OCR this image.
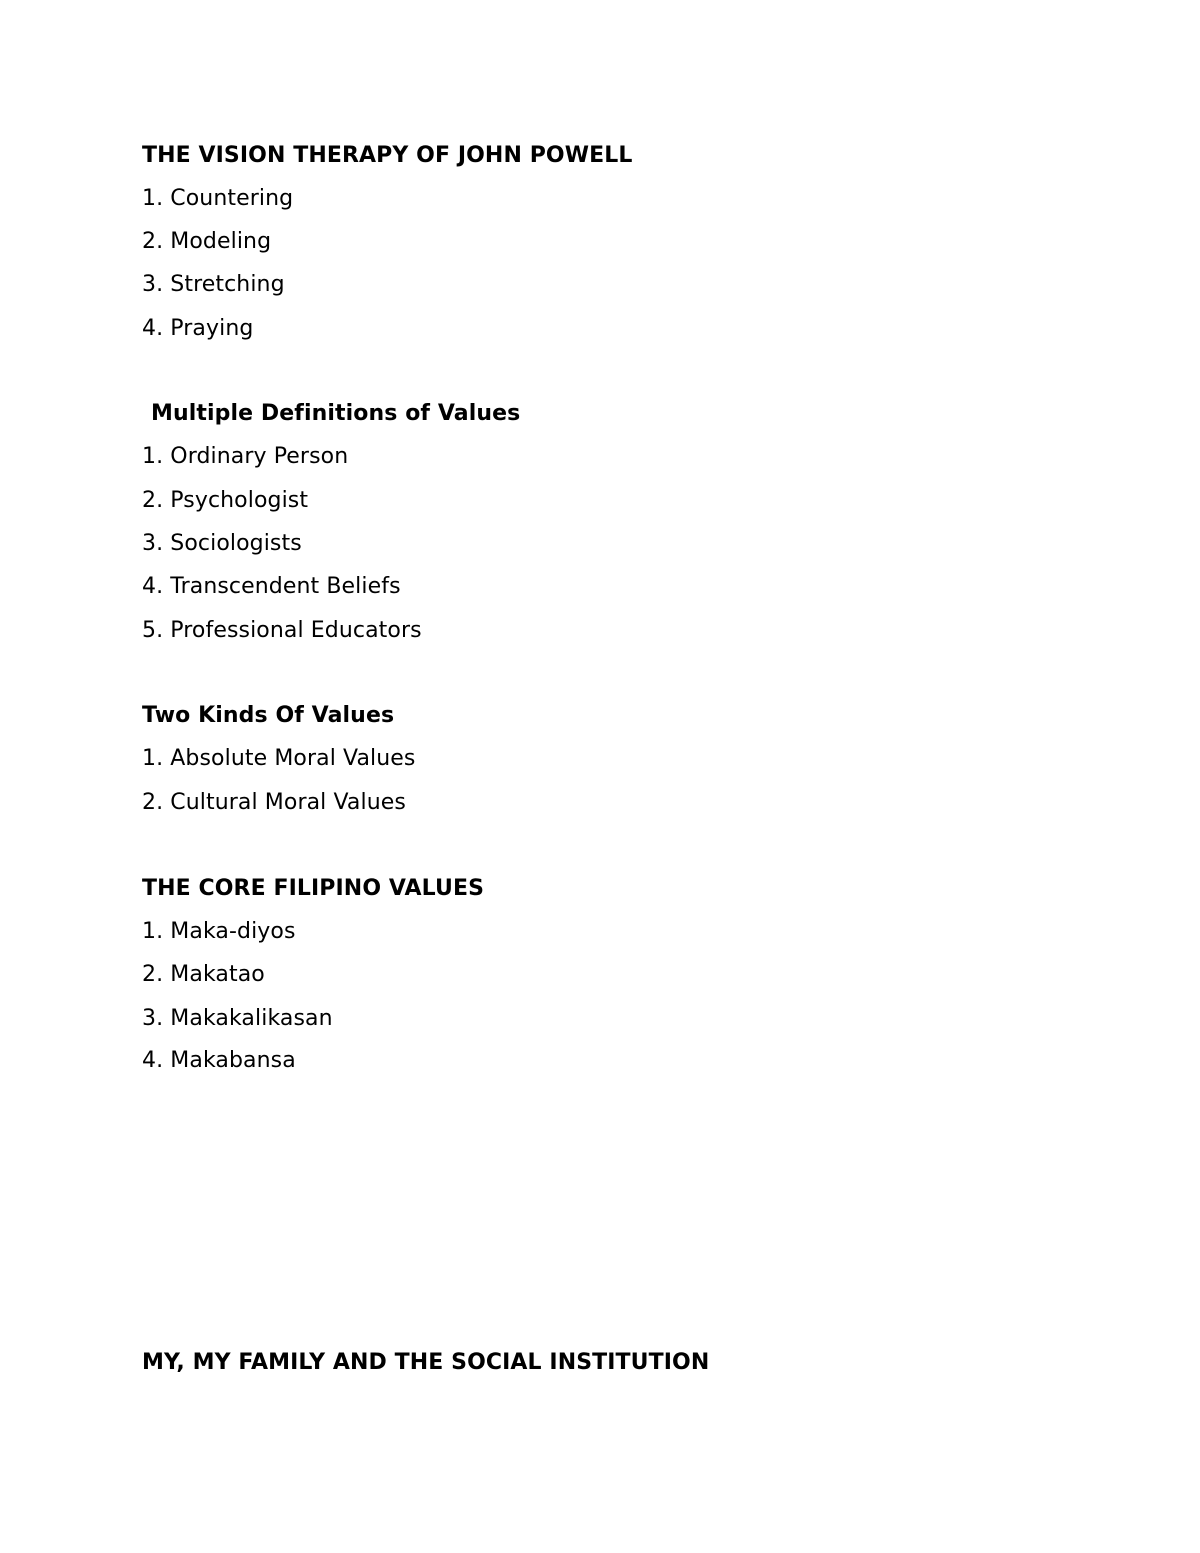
THE VISION THERAPY OF JOHN POWELL
1. Countering
2. Modeling
3. Stretching
4. Praying
Multiple Definitions of Values
1. Ordinary Person
2. Psychologist
3. Sociologists
4. Transcendent Beliefs
5. Professional Educators
Two Kinds Of Values
1. Absolute Moral Values
2. Cultural Moral Values
THE CORE FILIPINO VALUES
1. Maka-diyos
2. Makatao
3. Makakalikasan
4. Makabansa
MY, MY FAMILY AND THE SOCIAL INSTITUTION
